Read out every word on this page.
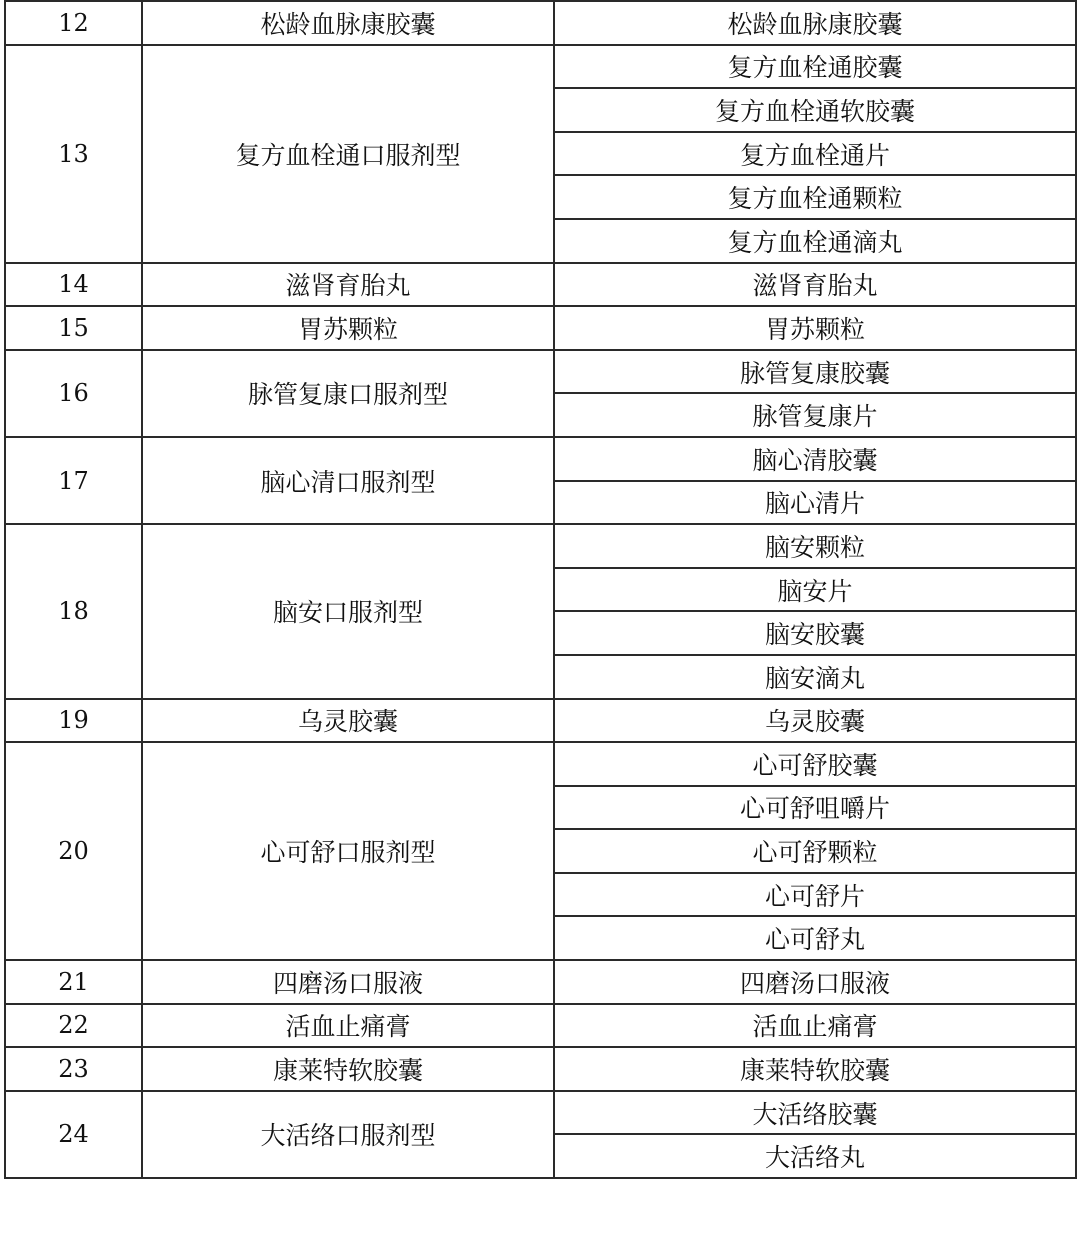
12	松龄血脉康胶囊	松龄血脉康胶囊
13	复方血栓通口服剂型	复方血栓通胶囊
		复方血栓通软胶囊
		复方血栓通片
		复方血栓通颗粒
		复方血栓通滴丸
14	滋肾育胎丸	滋肾育胎丸
15	胃苏颗粒	胃苏颗粒
16	脉管复康口服剂型	脉管复康胶囊
		脉管复康片
17	脑心清口服剂型	脑心清胶囊
		脑心清片
18	脑安口服剂型	脑安颗粒
		脑安片
		脑安胶囊
		脑安滴丸
19	乌灵胶囊	乌灵胶囊
20	心可舒口服剂型	心可舒胶囊
		心可舒咀嚼片
		心可舒颗粒
		心可舒片
		心可舒丸
21	四磨汤口服液	四磨汤口服液
22	活血止痛膏	活血止痛膏
23	康莱特软胶囊	康莱特软胶囊
24	大活络口服剂型	大活络胶囊
		大活络丸
